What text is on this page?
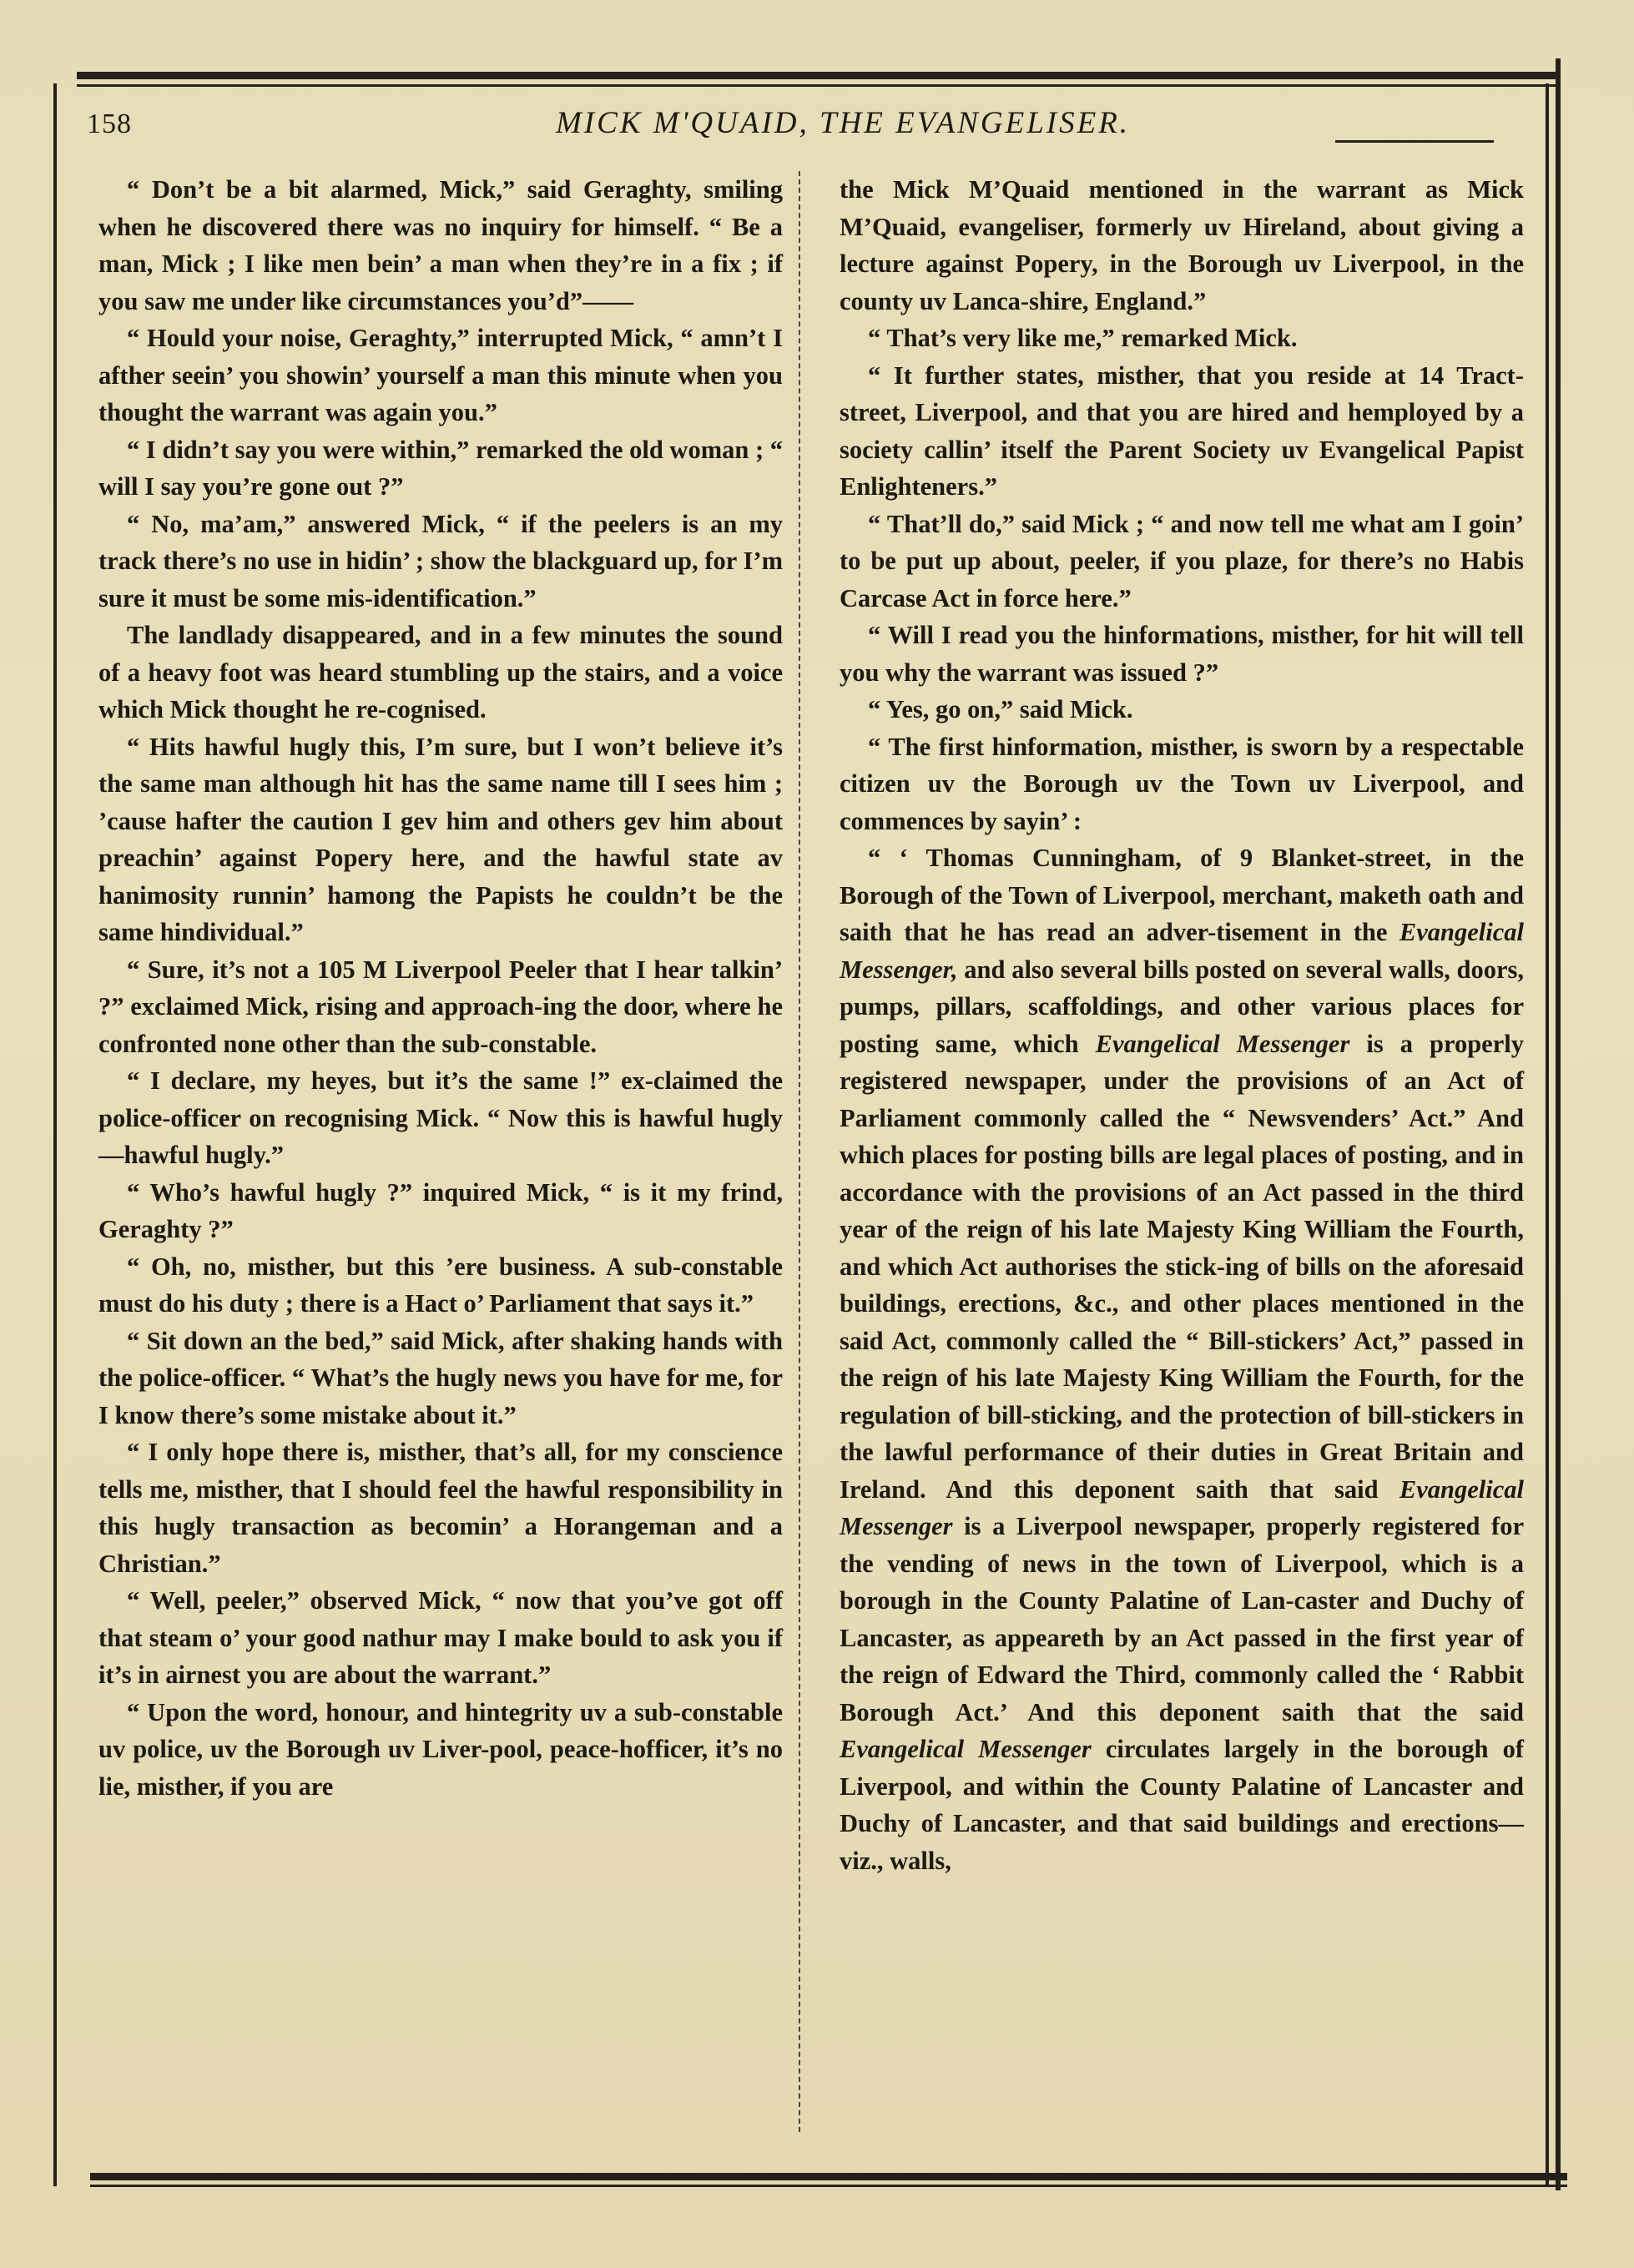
158	MICK M'QUAID, THE EVANGELISER.

“ Don’t be a bit alarmed, Mick,” said Geraghty, smiling when he discovered there was no inquiry for himself. “ Be a man, Mick ; I like men bein’ a man when they’re in a fix ; if you saw me under like circumstances you’d”——

“ Hould your noise, Geraghty,” interrupted Mick, “ amn’t I afther seein’ you showin’ yourself a man this minute when you thought the warrant was again you.”

“ I didn’t say you were within,” remarked the old woman ; “ will I say you’re gone out ?”

“ No, ma’am,” answered Mick, “ if the peelers is an my track there’s no use in hidin’ ; show the blackguard up, for I’m sure it must be some mis-identification.”

The landlady disappeared, and in a few minutes the sound of a heavy foot was heard stumbling up the stairs, and a voice which Mick thought he re-cognised.

“ Hits hawful hugly this, I’m sure, but I won’t believe it’s the same man although hit has the same name till I sees him ; ’cause hafter the caution I gev him and others gev him about preachin’ against Popery here, and the hawful state av hanimosity runnin’ hamong the Papists he couldn’t be the same hindividual.”

“ Sure, it’s not a 105 M Liverpool Peeler that I hear talkin’ ?” exclaimed Mick, rising and approach-ing the door, where he confronted none other than the sub-constable.

“ I declare, my heyes, but it’s the same !” ex-claimed the police-officer on recognising Mick. “ Now this is hawful hugly—hawful hugly.”

“ Who’s hawful hugly ?” inquired Mick, “ is it my frind, Geraghty ?”

“ Oh, no, misther, but this ’ere business. A sub-constable must do his duty ; there is a Hact o’ Parliament that says it.”

“ Sit down an the bed,” said Mick, after shaking hands with the police-officer. “ What’s the hugly news you have for me, for I know there’s some mistake about it.”

“ I only hope there is, misther, that’s all, for my conscience tells me, misther, that I should feel the hawful responsibility in this hugly transaction as becomin’ a Horangeman and a Christian.”

“ Well, peeler,” observed Mick, “ now that you’ve got off that steam o’ your good nathur may I make bould to ask you if it’s in airnest you are about the warrant.”

“ Upon the word, honour, and hintegrity uv a sub-constable uv police, uv the Borough uv Liver-pool, peace-hofficer, it’s no lie, misther, if you are

the Mick M’Quaid mentioned in the warrant as Mick M’Quaid, evangeliser, formerly uv Hireland, about giving a lecture against Popery, in the Borough uv Liverpool, in the county uv Lanca-shire, England.”

“ That’s very like me,” remarked Mick.

“ It further states, misther, that you reside at 14 Tract-street, Liverpool, and that you are hired and hemployed by a society callin’ itself the Parent Society uv Evangelical Papist Enlighteners.”

“ That’ll do,” said Mick ; “ and now tell me what am I goin’ to be put up about, peeler, if you plaze, for there’s no Habis Carcase Act in force here.”

“ Will I read you the hinformations, misther, for hit will tell you why the warrant was issued ?”

“ Yes, go on,” said Mick.

“ The first hinformation, misther, is sworn by a respectable citizen uv the Borough uv the Town uv Liverpool, and commences by sayin’ :

“ ‘ Thomas Cunningham, of 9 Blanket-street, in the Borough of the Town of Liverpool, merchant, maketh oath and saith that he has read an adver-tisement in the Evangelical Messenger, and also several bills posted on several walls, doors, pumps, pillars, scaffoldings, and other various places for posting same, which Evangelical Messenger is a properly registered newspaper, under the provisions of an Act of Parliament commonly called the “ Newsvenders’ Act.” And which places for posting bills are legal places of posting, and in accordance with the provisions of an Act passed in the third year of the reign of his late Majesty King William the Fourth, and which Act authorises the stick-ing of bills on the aforesaid buildings, erections, &c., and other places mentioned in the said Act, commonly called the “ Bill-stickers’ Act,” passed in the reign of his late Majesty King William the Fourth, for the regulation of bill-sticking, and the protection of bill-stickers in the lawful performance of their duties in Great Britain and Ireland. And this deponent saith that said Evangelical Messenger is a Liverpool newspaper, properly registered for the vending of news in the town of Liverpool, which is a borough in the County Palatine of Lan-caster and Duchy of Lancaster, as appeareth by an Act passed in the first year of the reign of Edward the Third, commonly called the ‘ Rabbit Borough Act.’ And this deponent saith that the said Evangelical Messenger circulates largely in the borough of Liverpool, and within the County Palatine of Lancaster and Duchy of Lancaster, and that said buildings and erections—viz., walls,
